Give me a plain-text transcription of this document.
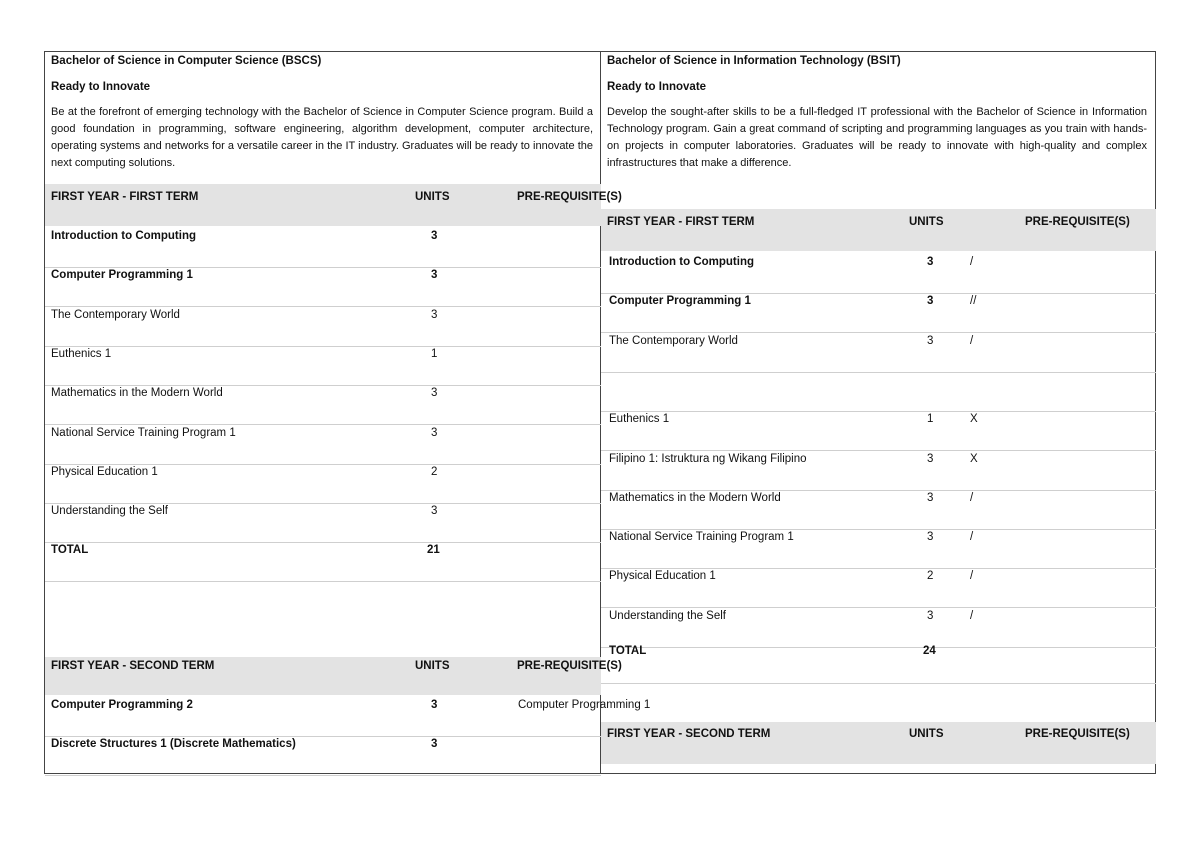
Bachelor of Science in Computer Science (BSCS)
Ready to Innovate
Be at the forefront of emerging technology with the Bachelor of Science in Computer Science program. Build a good foundation in programming, software engineering, algorithm development, computer architecture, operating systems and networks for a versatile career in the IT industry. Graduates will be ready to innovate the next computing solutions.
FIRST YEAR - FIRST TERM	UNITS	PRE-REQUISITE(S)
Introduction to Computing	3
Computer Programming 1	3
The Contemporary World	3
Euthenics 1	1
Mathematics in the Modern World	3
National Service Training Program 1	3
Physical Education 1	2
Understanding the Self	3
TOTAL	21
FIRST YEAR - SECOND TERM	UNITS	PRE-REQUISITE(S)
Computer Programming 2	3	Computer Programming 1
Discrete Structures 1 (Discrete Mathematics)	3
Bachelor of Science in Information Technology (BSIT)
Ready to Innovate
Develop the sought-after skills to be a full-fledged IT professional with the Bachelor of Science in Information Technology program. Gain a great command of scripting and programming languages as you train with hands-on projects in computer laboratories. Graduates will be ready to innovate with high-quality and complex infrastructures that make a difference.
FIRST YEAR - FIRST TERM	UNITS	PRE-REQUISITE(S)
Introduction to Computing	3	/
Computer Programming 1	3	//
The Contemporary World	3	/
Euthenics 1	1	X
Filipino 1: Istruktura ng Wikang Filipino	3	X
Mathematics in the Modern World	3	/
National Service Training Program 1	3	/
Physical Education 1	2	/
Understanding the Self	3	/
TOTAL	24
FIRST YEAR - SECOND TERM	UNITS	PRE-REQUISITE(S)
